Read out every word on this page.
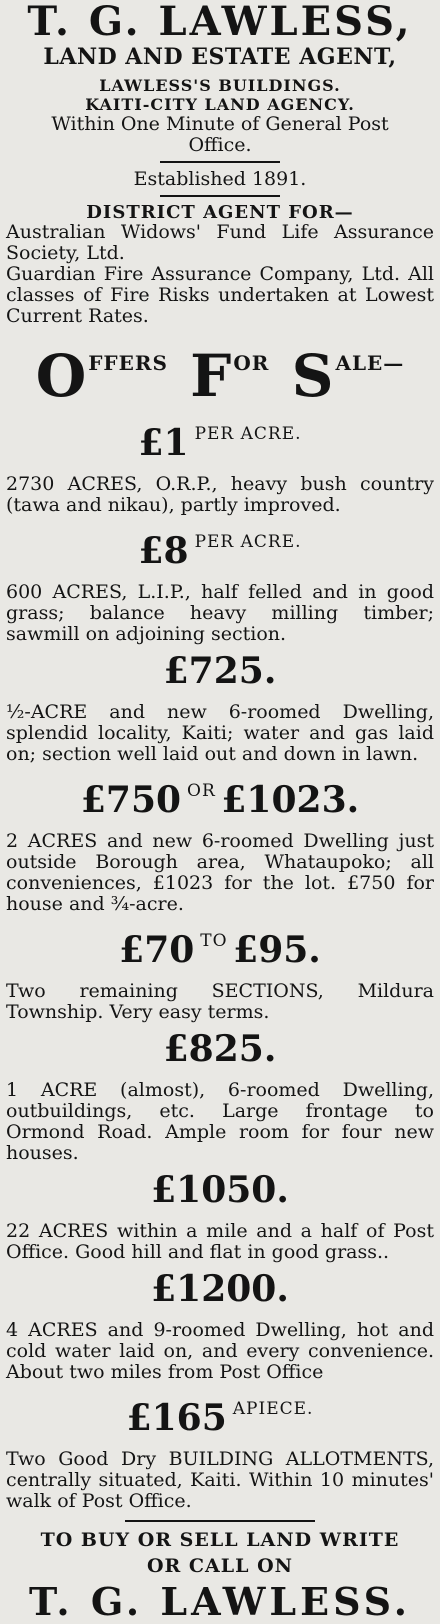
T. G. LAWLESS,
LAND AND ESTATE AGENT,
LAWLESS'S BUILDINGS.
KAITI-CITY LAND AGENCY.
Within One Minute of General Post Office.
Established 1891.
DISTRICT AGENT FOR—
Australian Widows' Fund Life Assurance Society, Ltd.
Guardian Fire Assurance Company, Ltd. All classes of Fire Risks undertaken at Lowest Current Rates.
$O^{FFERS}$ $F^{OR}$ $S^{ALE—}$
£1 PER ACRE.
2730 ACRES, O.R.P., heavy bush country (tawa and nikau), partly improved.
£8 PER ACRE.
600 ACRES, L.I.P., half felled and in good grass; balance heavy milling timber; sawmill on adjoining section.
£725.
½-ACRE and new 6-roomed Dwelling, splendid locality, Kaiti; water and gas laid on; section well laid out and down in lawn.
£750 OR £1023.
2 ACRES and new 6-roomed Dwelling just outside Borough area, Whataupoko; all conveniences, £1023 for the lot. £750 for house and ¾-acre.
£70 TO £95.
Two remaining SECTIONS, Mildura Township. Very easy terms.
£825.
1 ACRE (almost), 6-roomed Dwelling, outbuildings, etc. Large frontage to Ormond Road. Ample room for four new houses.
£1050.
22 ACRES within a mile and a half of Post Office. Good hill and flat in good grass..
£1200.
4 ACRES and 9-roomed Dwelling, hot and cold water laid on, and every convenience. About two miles from Post Office
£165 APIECE.
Two Good Dry BUILDING ALLOTMENTS, centrally situated, Kaiti. Within 10 minutes' walk of Post Office.
TO BUY OR SELL LAND WRITE
OR CALL ON
T. G. LAWLESS.
